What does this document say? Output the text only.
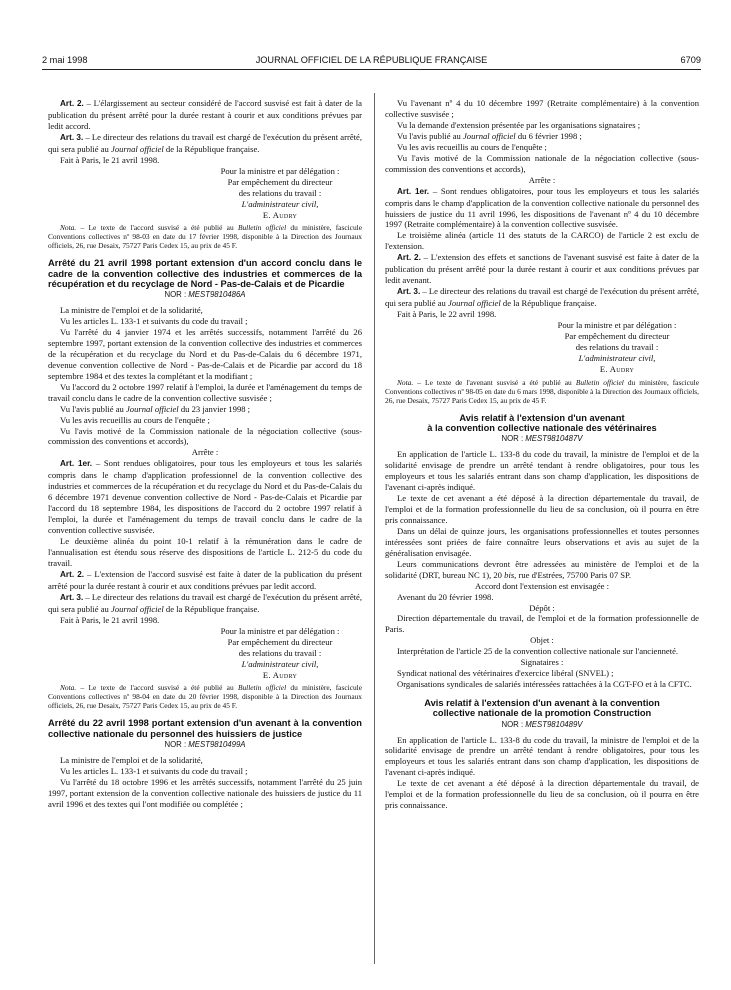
2 mai 1998	JOURNAL OFFICIEL DE LA RÉPUBLIQUE FRANÇAISE	6709

Art. 2. – L'élargissement au secteur considéré de l'accord susvisé est fait à dater de la publication du présent arrêté pour la durée restant à courir et aux conditions prévues par ledit accord.

Art. 3. – Le directeur des relations du travail est chargé de l'exécution du présent arrêté, qui sera publié au Journal officiel de la République française.

Fait à Paris, le 21 avril 1998.

Pour la ministre et par délégation :
Par empêchement du directeur
des relations du travail :
L'administrateur civil,
E. Audry

Nota. – Le texte de l'accord susvisé a été publié au Bulletin officiel du ministère, fascicule Conventions collectives nº 98-03 en date du 17 février 1998, disponible à la Direction des Journaux officiels, 26, rue Desaix, 75727 Paris Cedex 15, au prix de 45 F.

Arrêté du 21 avril 1998 portant extension d'un accord conclu dans le cadre de la convention collective des industries et commerces de la récupération et du recyclage de Nord - Pas-de-Calais et de Picardie
NOR : MESТ9810486A

La ministre de l'emploi et de la solidarité,

Vu les articles L. 133-1 et suivants du code du travail ;

Vu l'arrêté du 4 janvier 1974 et les arrêtés successifs, notamment l'arrêté du 26 septembre 1997, portant extension de la convention collective des industries et commerces de la récupération et du recyclage du Nord et du Pas-de-Calais du 6 décembre 1971, devenue convention collective de Nord - Pas-de-Calais et de Picardie par accord du 18 septembre 1984 et des textes la complétant et la modifiant ;

Vu l'accord du 2 octobre 1997 relatif à l'emploi, la durée et l'aménagement du temps de travail conclu dans le cadre de la convention collective susvisée ;

Vu l'avis publié au Journal officiel du 23 janvier 1998 ;

Vu les avis recueillis au cours de l'enquête ;

Vu l'avis motivé de la Commission nationale de la négociation collective (sous-commission des conventions et accords),

Arrête :

Art. 1er. – Sont rendues obligatoires, pour tous les employeurs et tous les salariés compris dans le champ d'application professionnel de la convention collective des industries et commerces de la récupération et du recyclage du Nord et du Pas-de-Calais du 6 décembre 1971 devenue convention collective de Nord - Pas-de-Calais et Picardie par l'accord du 18 septembre 1984, les dispositions de l'accord du 2 octobre 1997 relatif à l'emploi, la durée et l'aménagement du temps de travail conclu dans le cadre de la convention collective susvisée.

Le deuxième alinéa du point 10-1 relatif à la rémunération dans le cadre de l'annualisation est étendu sous réserve des dispositions de l'article L. 212-5 du code du travail.

Art. 2. – L'extension de l'accord susvisé est faite à dater de la publication du présent arrêté pour la durée restant à courir et aux conditions prévues par ledit accord.

Art. 3. – Le directeur des relations du travail est chargé de l'exécution du présent arrêté, qui sera publié au Journal officiel de la République française.

Fait à Paris, le 21 avril 1998.

Pour la ministre et par délégation :
Par empêchement du directeur
des relations du travail :
L'administrateur civil,
E. Audry

Nota. – Le texte de l'accord susvisé a été publié au Bulletin officiel du ministère, fascicule Conventions collectives nº 98-04 en date du 20 février 1998, disponible à la Direction des Journaux officiels, 26, rue Desaix, 75727 Paris Cedex 15, au prix de 45 F.

Arrêté du 22 avril 1998 portant extension d'un avenant à la convention collective nationale du personnel des huissiers de justice
NOR : MESТ9810499A

La ministre de l'emploi et de la solidarité,

Vu les articles L. 133-1 et suivants du code du travail ;

Vu l'arrêté du 18 octobre 1996 et les arrêtés successifs, notamment l'arrêté du 25 juin 1997, portant extension de la convention collective nationale des huissiers de justice du 11 avril 1996 et des textes qui l'ont modifiée ou complétée ;

Vu l'avenant nº 4 du 10 décembre 1997 (Retraite complémentaire) à la convention collective susvisée ;

Vu la demande d'extension présentée par les organisations signataires ;

Vu l'avis publié au Journal officiel du 6 février 1998 ;

Vu les avis recueillis au cours de l'enquête ;

Vu l'avis motivé de la Commission nationale de la négociation collective (sous-commission des conventions et accords),

Arrête :

Art. 1er. – Sont rendues obligatoires, pour tous les employeurs et tous les salariés compris dans le champ d'application de la convention collective nationale du personnel des huissiers de justice du 11 avril 1996, les dispositions de l'avenant nº 4 du 10 décembre 1997 (Retraite complémentaire) à la convention collective susvisée.

Le troisième alinéa (article 11 des statuts de la CARCO) de l'article 2 est exclu de l'extension.

Art. 2. – L'extension des effets et sanctions de l'avenant susvisé est faite à dater de la publication du présent arrêté pour la durée restant à courir et aux conditions prévues par ledit avenant.

Art. 3. – Le directeur des relations du travail est chargé de l'exécution du présent arrêté, qui sera publié au Journal officiel de la République française.

Fait à Paris, le 22 avril 1998.

Pour la ministre et par délégation :
Par empêchement du directeur
des relations du travail :
L'administrateur civil,
E. Audry

Nota. – Le texte de l'avenant susvisé a été publié au Bulletin officiel du ministère, fascicule Conventions collectives nº 98-05 en date du 6 mars 1998, disponible à la Direction des Journaux officiels, 26, rue Desaix, 75727 Paris Cedex 15, au prix de 45 F.

Avis relatif à l'extension d'un avenant
à la convention collective nationale des vétérinaires
NOR : MESТ9810487V

En application de l'article L. 133-8 du code du travail, la ministre de l'emploi et de la solidarité envisage de prendre un arrêté tendant à rendre obligatoires, pour tous les employeurs et tous les salariés entrant dans son champ d'application, les dispositions de l'avenant ci-après indiqué.

Le texte de cet avenant a été déposé à la direction départementale du travail, de l'emploi et de la formation professionnelle du lieu de sa conclusion, où il pourra en être pris connaissance.

Dans un délai de quinze jours, les organisations professionnelles et toutes personnes intéressées sont priées de faire connaître leurs observations et avis au sujet de la généralisation envisagée.

Leurs communications devront être adressées au ministère de l'emploi et de la solidarité (DRT, bureau NC 1), 20 bis, rue d'Estrées, 75700 Paris 07 SP.

Accord dont l'extension est envisagée :

Avenant du 20 février 1998.

Dépôt :

Direction départementale du travail, de l'emploi et de la formation professionnelle de Paris.

Objet :

Interprétation de l'article 25 de la convention collective nationale sur l'ancienneté.

Signataires :

Syndicat national des vétérinaires d'exercice libéral (SNVEL) ;

Organisations syndicales de salariés intéressées rattachées à la CGT-FO et à la CFTC.

Avis relatif à l'extension d'un avenant à la convention
collective nationale de la promotion Construction
NOR : MESТ9810489V

En application de l'article L. 133-8 du code du travail, la ministre de l'emploi et de la solidarité envisage de prendre un arrêté tendant à rendre obligatoires, pour tous les employeurs et tous les salariés entrant dans son champ d'application, les dispositions de l'avenant ci-après indiqué.

Le texte de cet avenant a été déposé à la direction départementale du travail, de l'emploi et de la formation professionnelle du lieu de sa conclusion, où il pourra en être pris connaissance.
